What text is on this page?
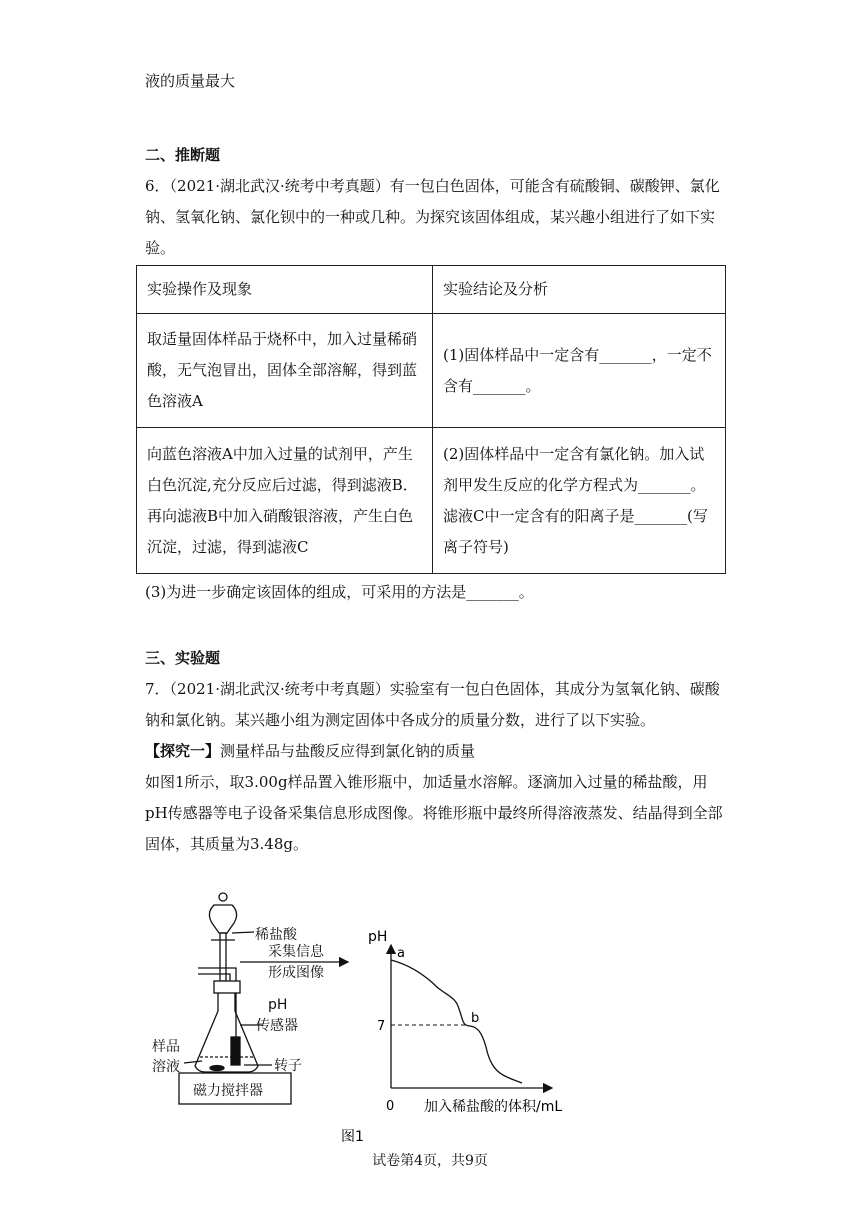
液的质量最大

二、推断题

6．（2021·湖北武汉·统考中考真题）有一包白色固体，可能含有硫酸铜、碳酸钾、氯化钠、氢氧化钠、氯化钡中的一种或几种。为探究该固体组成，某兴趣小组进行了如下实验。

实验操作及现象	实验结论及分析
取适量固体样品于烧杯中，加入过量稀硝酸，无气泡冒出，固体全部溶解，得到蓝色溶液A	(1)固体样品中一定含有_______，一定不含有_______。
向蓝色溶液A中加入过量的试剂甲，产生白色沉淀,充分反应后过滤，得到滤液B．再向滤液B中加入硝酸银溶液，产生白色沉淀，过滤，得到滤液C	(2)固体样品中一定含有氯化钠。加入试剂甲发生反应的化学方程式为_______。滤液C中一定含有的阳离子是_______(写离子符号)

(3)为进一步确定该固体的组成，可采用的方法是_______。

三、实验题

7．（2021·湖北武汉·统考中考真题）实验室有一包白色固体，其成分为氢氧化钠、碳酸钠和氯化钠。某兴趣小组为测定固体中各成分的质量分数，进行了以下实验。

【探究一】测量样品与盐酸反应得到氯化钠的质量

如图1所示，取3.00g样品置入锥形瓶中，加适量水溶解。逐滴加入过量的稀盐酸，用pH传感器等电子设备采集信息形成图像。将锥形瓶中最终所得溶液蒸发、结晶得到全部固体，其质量为3.48g。

稀盐酸
采集信息
形成图像
pH
传感器
样品
溶液	转子
磁力搅拌器
pH
0 加入稀盐酸的体积/mL
7
a
b
图1
试卷第4页，共9页
